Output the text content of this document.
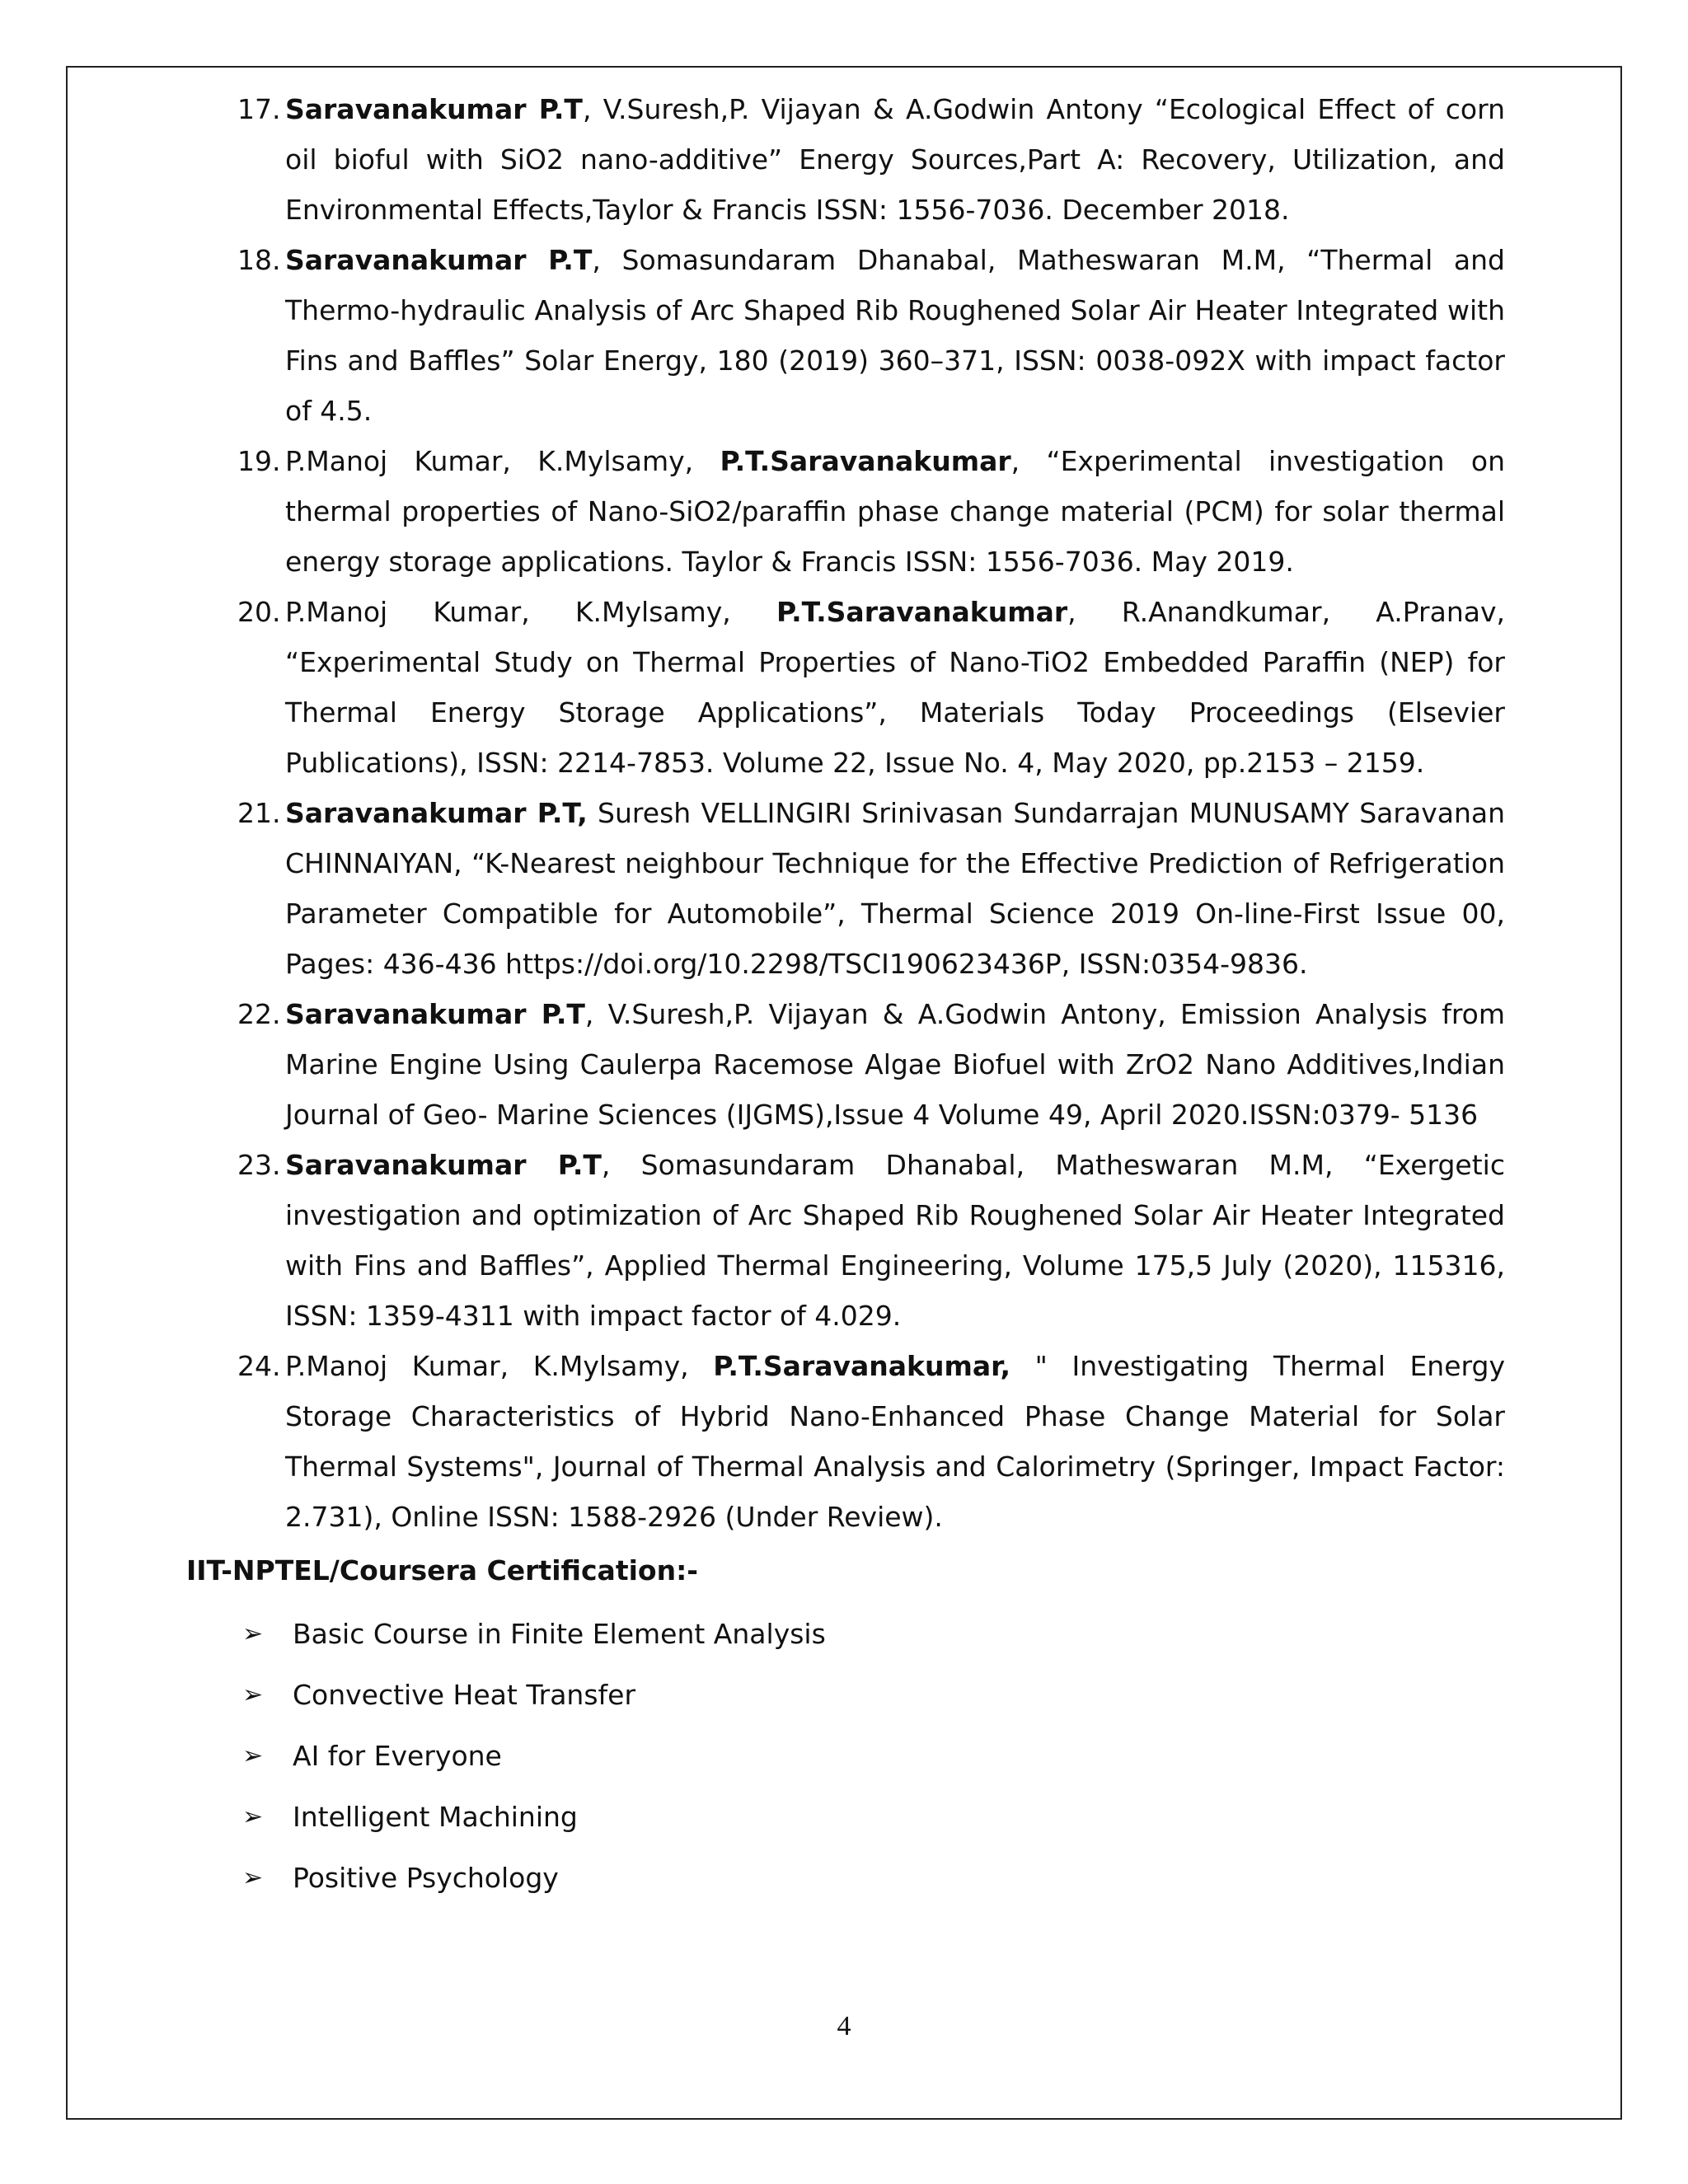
17. Saravanakumar P.T, V.Suresh,P. Vijayan & A.Godwin Antony “Ecological Effect of corn oil bioful with SiO2 nano-additive” Energy Sources,Part A: Recovery, Utilization, and Environmental Effects,Taylor & Francis ISSN: 1556-7036. December 2018.
18. Saravanakumar P.T, Somasundaram Dhanabal, Matheswaran M.M, “Thermal and Thermo-hydraulic Analysis of Arc Shaped Rib Roughened Solar Air Heater Integrated with Fins and Baffles” Solar Energy, 180 (2019) 360–371, ISSN: 0038-092X with impact factor of 4.5.
19. P.Manoj Kumar, K.Mylsamy, P.T.Saravanakumar, “Experimental investigation on thermal properties of Nano-SiO2/paraffin phase change material (PCM) for solar thermal energy storage applications. Taylor & Francis ISSN: 1556-7036. May 2019.
20. P.Manoj Kumar, K.Mylsamy, P.T.Saravanakumar, R.Anandkumar, A.Pranav, “Experimental Study on Thermal Properties of Nano-TiO2 Embedded Paraffin (NEP) for Thermal Energy Storage Applications”, Materials Today Proceedings (Elsevier Publications), ISSN: 2214-7853. Volume 22, Issue No. 4, May 2020, pp.2153 – 2159.
21. Saravanakumar P.T, Suresh VELLINGIRI Srinivasan Sundarrajan MUNUSAMY Saravanan CHINNAIYAN, “K-Nearest neighbour Technique for the Effective Prediction of Refrigeration Parameter Compatible for Automobile”, Thermal Science 2019 On-line-First Issue 00, Pages: 436-436 https://doi.org/10.2298/TSCI190623436P, ISSN:0354-9836.
22. Saravanakumar P.T, V.Suresh,P. Vijayan & A.Godwin Antony, Emission Analysis from Marine Engine Using Caulerpa Racemose Algae Biofuel with ZrO2 Nano Additives,Indian Journal of Geo- Marine Sciences (IJGMS),Issue 4 Volume 49, April 2020.ISSN:0379- 5136
23. Saravanakumar P.T, Somasundaram Dhanabal, Matheswaran M.M, “Exergetic investigation and optimization of Arc Shaped Rib Roughened Solar Air Heater Integrated with Fins and Baffles”, Applied Thermal Engineering, Volume 175,5 July (2020), 115316, ISSN: 1359-4311 with impact factor of 4.029.
24. P.Manoj Kumar, K.Mylsamy, P.T.Saravanakumar, " Investigating Thermal Energy Storage Characteristics of Hybrid Nano-Enhanced Phase Change Material for Solar Thermal Systems", Journal of Thermal Analysis and Calorimetry (Springer, Impact Factor: 2.731), Online ISSN: 1588-2926 (Under Review).
IIT-NPTEL/Coursera Certification:-
➢ Basic Course in Finite Element Analysis
➢ Convective Heat Transfer
➢ AI for Everyone
➢ Intelligent Machining
➢ Positive Psychology
4
